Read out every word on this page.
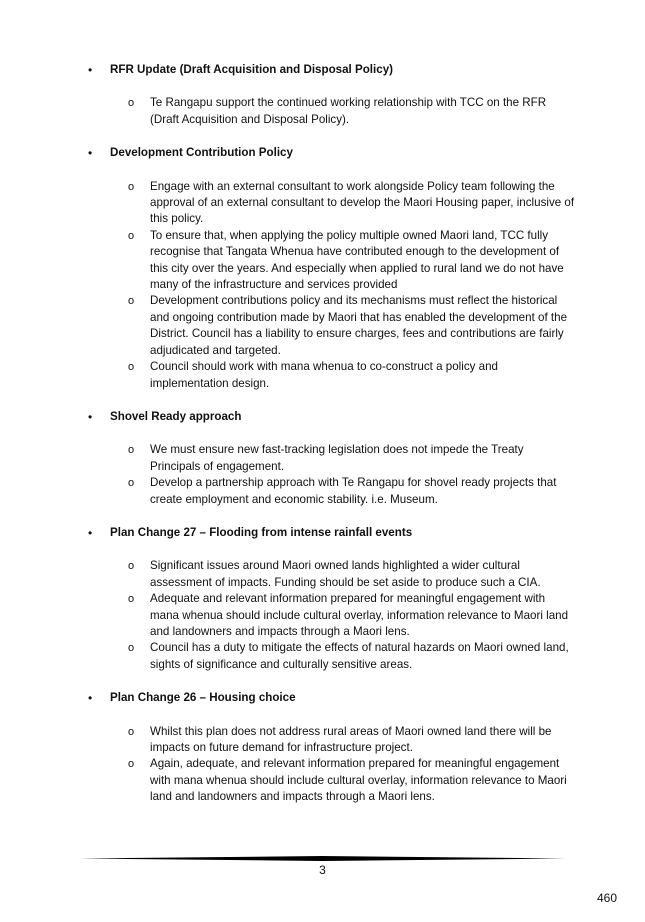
• RFR Update (Draft Acquisition and Disposal Policy)
o Te Rangapu support the continued working relationship with TCC on the RFR (Draft Acquisition and Disposal Policy).
• Development Contribution Policy
o Engage with an external consultant to work alongside Policy team following the approval of an external consultant to develop the Maori Housing paper, inclusive of this policy.
o To ensure that, when applying the policy multiple owned Maori land, TCC fully recognise that Tangata Whenua have contributed enough to the development of this city over the years. And especially when applied to rural land we do not have many of the infrastructure and services provided
o Development contributions policy and its mechanisms must reflect the historical and ongoing contribution made by Maori that has enabled the development of the District. Council has a liability to ensure charges, fees and contributions are fairly adjudicated and targeted.
o Council should work with mana whenua to co-construct a policy and implementation design.
• Shovel Ready approach
o We must ensure new fast-tracking legislation does not impede the Treaty Principals of engagement.
o Develop a partnership approach with Te Rangapu for shovel ready projects that create employment and economic stability. i.e. Museum.
• Plan Change 27 – Flooding from intense rainfall events
o Significant issues around Maori owned lands highlighted a wider cultural assessment of impacts. Funding should be set aside to produce such a CIA.
o Adequate and relevant information prepared for meaningful engagement with mana whenua should include cultural overlay, information relevance to Maori land and landowners and impacts through a Maori lens.
o Council has a duty to mitigate the effects of natural hazards on Maori owned land, sights of significance and culturally sensitive areas.
• Plan Change 26 – Housing choice
o Whilst this plan does not address rural areas of Maori owned land there will be impacts on future demand for infrastructure project.
o Again, adequate, and relevant information prepared for meaningful engagement with mana whenua should include cultural overlay, information relevance to Maori land and landowners and impacts through a Maori lens.
3
460
